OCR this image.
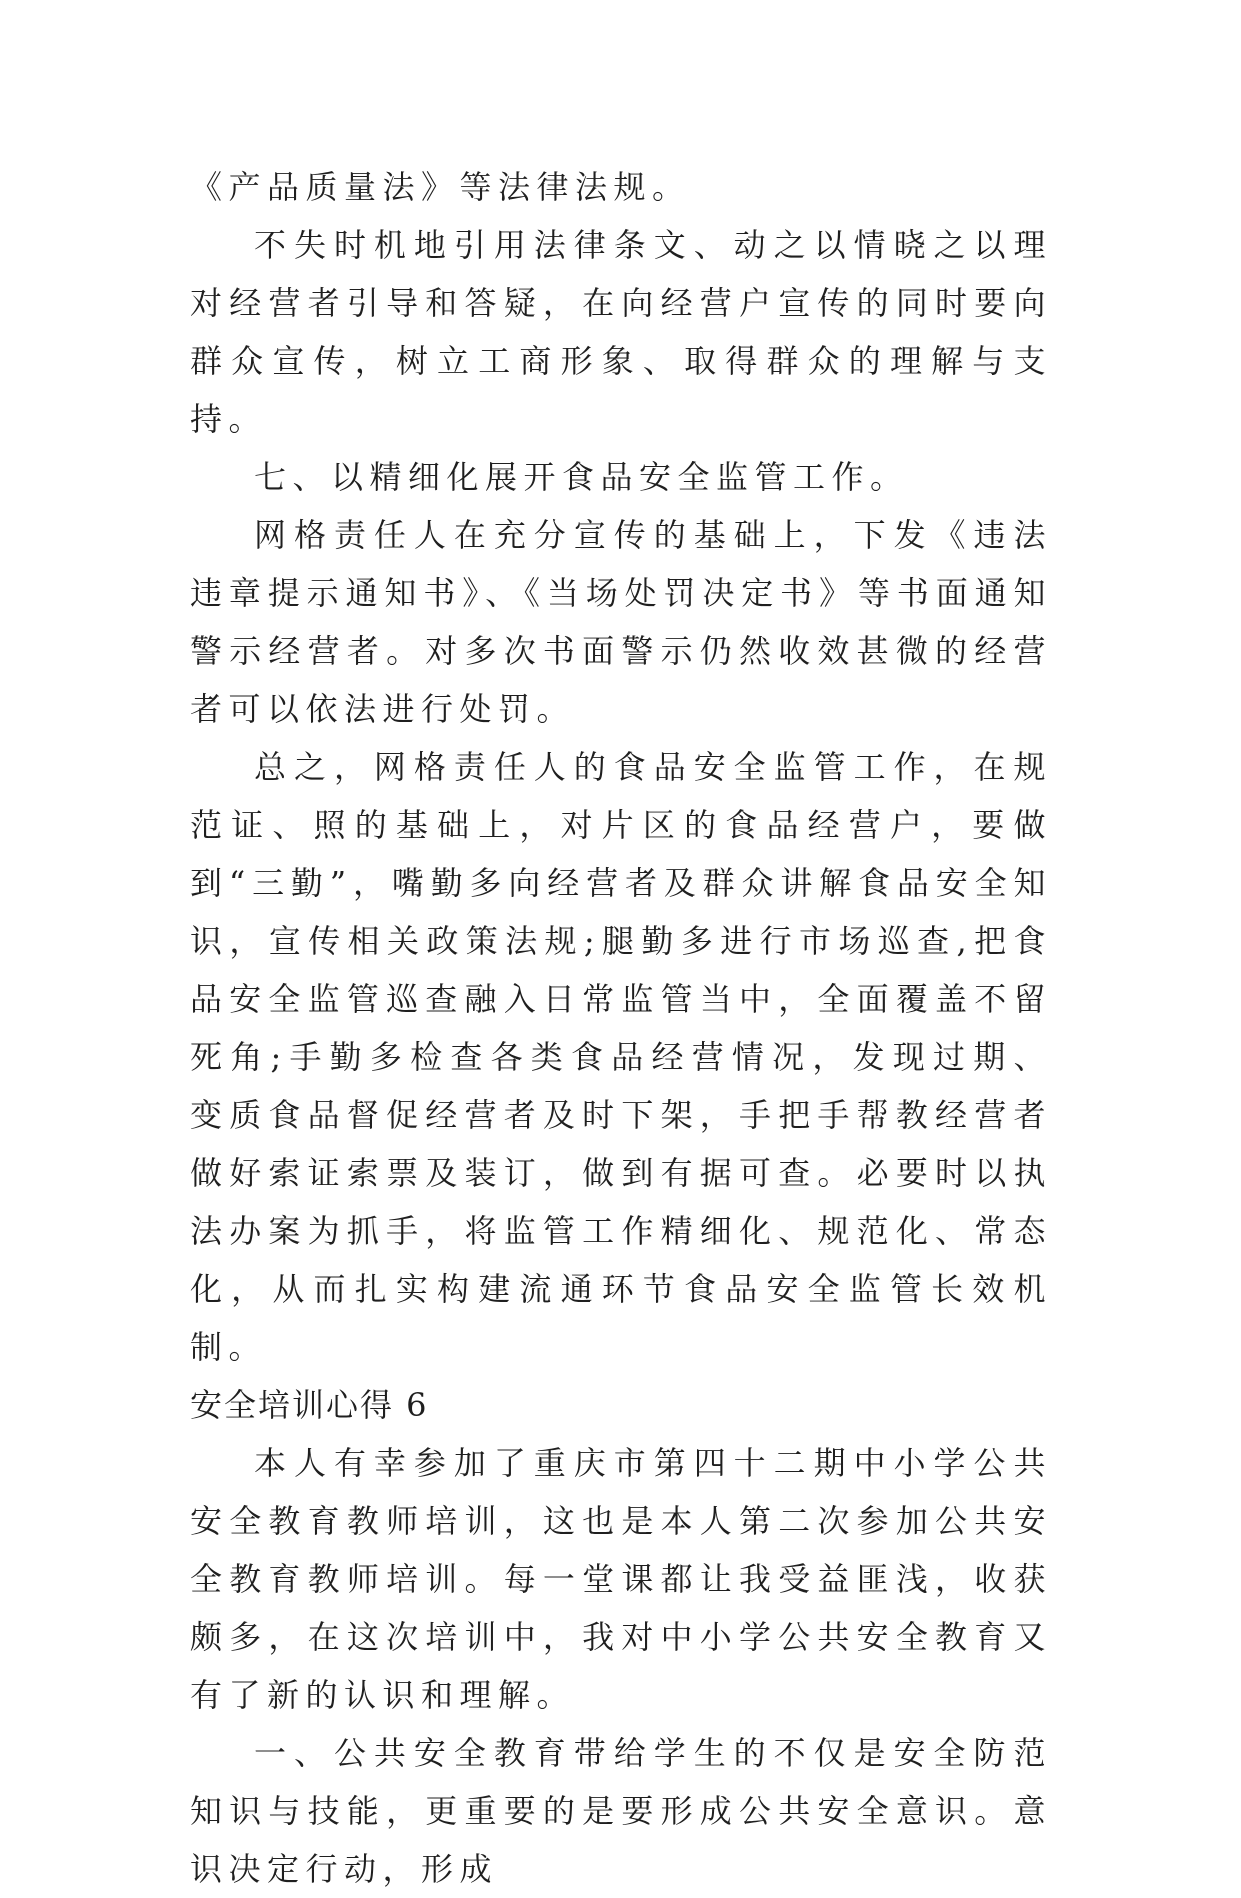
《产品质量法》等法律法规。

不失时机地引用法律条文、动之以情晓之以理对经营者引导和答疑，在向经营户宣传的同时要向群众宣传，树立工商形象、取得群众的理解与支持。

七、以精细化展开食品安全监管工作。

网格责任人在充分宣传的基础上，下发《违法违章提示通知书》、《当场处罚决定书》等书面通知警示经营者。对多次书面警示仍然收效甚微的经营者可以依法进行处罚。

总之，网格责任人的食品安全监管工作，在规范证、照的基础上，对片区的食品经营户，要做到“三勤”，嘴勤多向经营者及群众讲解食品安全知识，宣传相关政策法规;腿勤多进行市场巡查,把食品安全监管巡查融入日常监管当中，全面覆盖不留死角;手勤多检查各类食品经营情况，发现过期、变质食品督促经营者及时下架，手把手帮教经营者做好索证索票及装订，做到有据可查。必要时以执法办案为抓手，将监管工作精细化、规范化、常态化，从而扎实构建流通环节食品安全监管长效机制。

安全培训心得 6

本人有幸参加了重庆市第四十二期中小学公共安全教育教师培训，这也是本人第二次参加公共安全教育教师培训。每一堂课都让我受益匪浅，收获颇多，在这次培训中，我对中小学公共安全教育又有了新的认识和理解。

一、公共安全教育带给学生的不仅是安全防范知识与技能，更重要的是要形成公共安全意识。意识决定行动，形成
